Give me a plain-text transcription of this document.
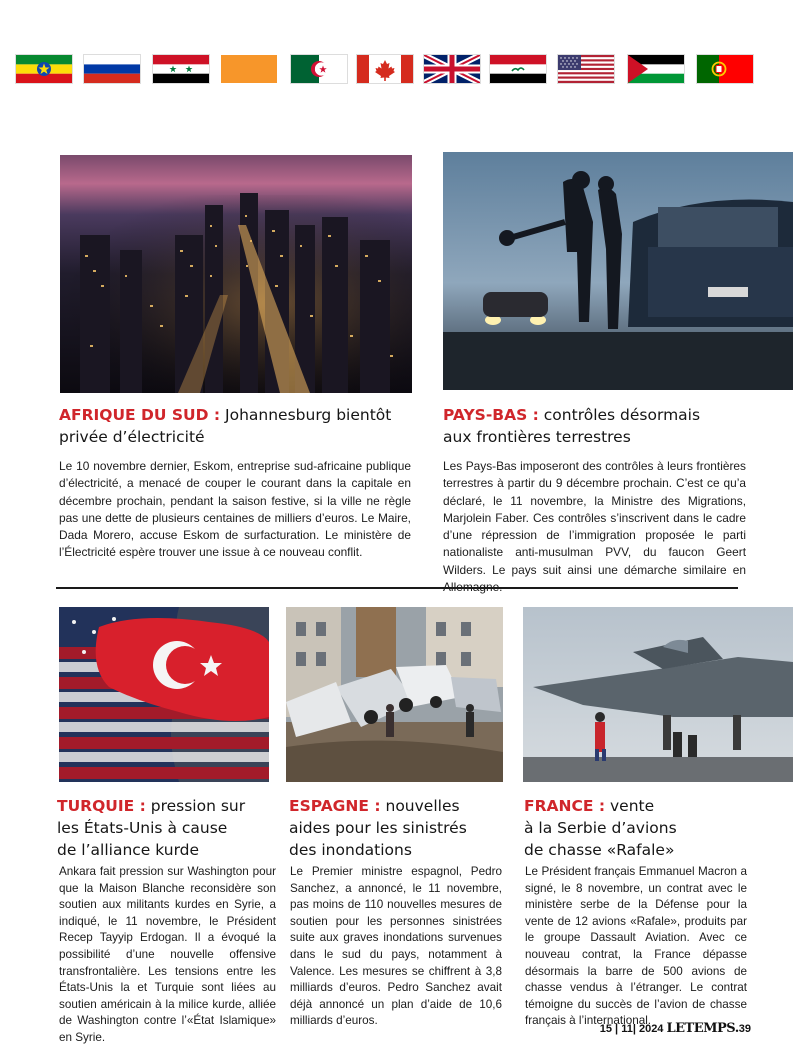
AFRIQUE DU SUD : Johannesburg bientôt
privée d’électricité
PAYS-BAS : contrôles désormais
aux frontières terrestres
Le 10 novembre dernier, Eskom, entreprise sud-africaine publique d’électricité, a menacé de couper le courant dans la capitale en décembre prochain, pendant la saison festive, si la ville ne règle pas une dette de plusieurs centaines de milliers d’euros. Le Maire, Dada Morero, accuse Eskom de surfacturation. Le ministère de l’Électricité espère trouver une issue à ce nouveau conflit.
Les Pays-Bas imposeront des contrôles à leurs frontières terrestres à partir du 9 décembre prochain. C’est ce qu’a déclaré, le 11 novembre, la Ministre des Migrations, Marjolein Faber. Ces contrôles s’inscrivent dans le cadre d’une répression de l’immigration proposée le parti nationaliste anti-musulman PVV, du faucon Geert Wilders. Le pays suit ainsi une démarche similaire en
TURQUIE : pression sur
les États-Unis à cause
de l’alliance kurde
ESPAGNE : nouvelles
aides pour les sinistrés
des inondations
FRANCE : vente
à la Serbie d’avions
de chasse «Rafale»
Ankara fait pression sur Washington pour que la Maison Blanche reconsidère son soutien aux militants kurdes en Syrie, a indiqué, le 11 novembre, le Président Recep Tayyip Erdogan. Il a évoqué la possibilité d’une nouvelle offensive transfrontalière. Les tensions entre les États-Unis la et Turquie sont liées au soutien américain à la milice kurde, alliée de Washington contre l’«État Islamique» en Syrie.
Le Premier ministre espagnol, Pedro Sanchez, a annoncé, le 11 novembre, pas moins de 110 nouvelles mesures de soutien pour les personnes sinistrées suite aux graves inondations survenues dans le sud du pays, notamment à Valence. Les mesures se chiffrent à 3,8 milliards d’euros. Pedro Sanchez avait déjà annoncé un plan d’aide de 10,6 milliards d’euros.
Le Président français Emmanuel Macron a signé, le 8 novembre, un contrat avec le ministère serbe de la Défense pour la vente de 12 avions «Rafale», produits par le groupe Dassault Aviation. Avec ce nouveau contrat, la France dépasse désormais la barre de 500 avions de chasse vendus à l’étranger. Le contrat témoigne du succès de l’avion de chasse français à l’international.
15 | 11| 2024 LETEMPS.39
